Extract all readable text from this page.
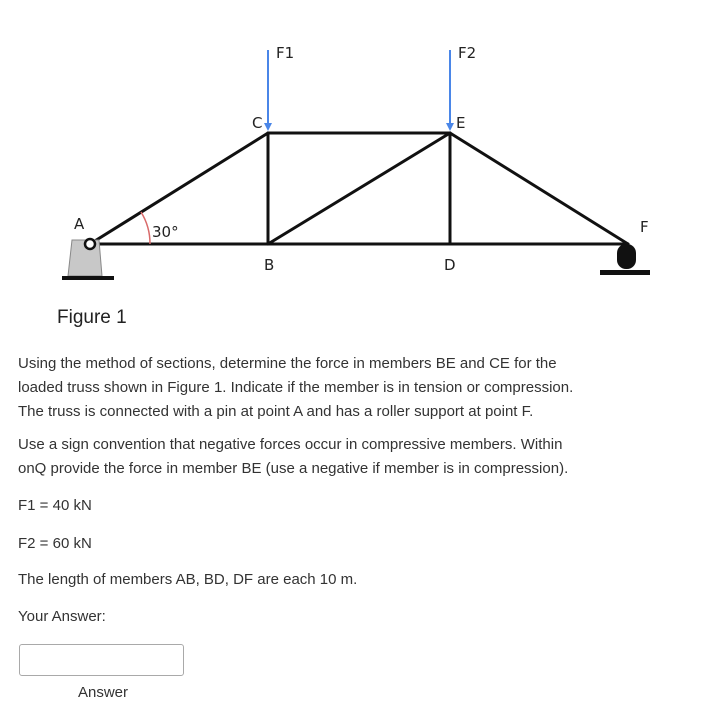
30°
F1	F2
A
B
C
D
E
F

Figure 1

Using the method of sections, determine the force in members BE and CE for the
loaded truss shown in Figure 1. Indicate if the member is in tension or compression.
The truss is connected with a pin at point A and has a roller support at point F.

Use a sign convention that negative forces occur in compressive members. Within
onQ provide the force in member BE (use a negative if member is in compression).

F1 = 40 kN

F2 = 60 kN

The length of members AB, BD, DF are each 10 m.

Your Answer:

Answer
